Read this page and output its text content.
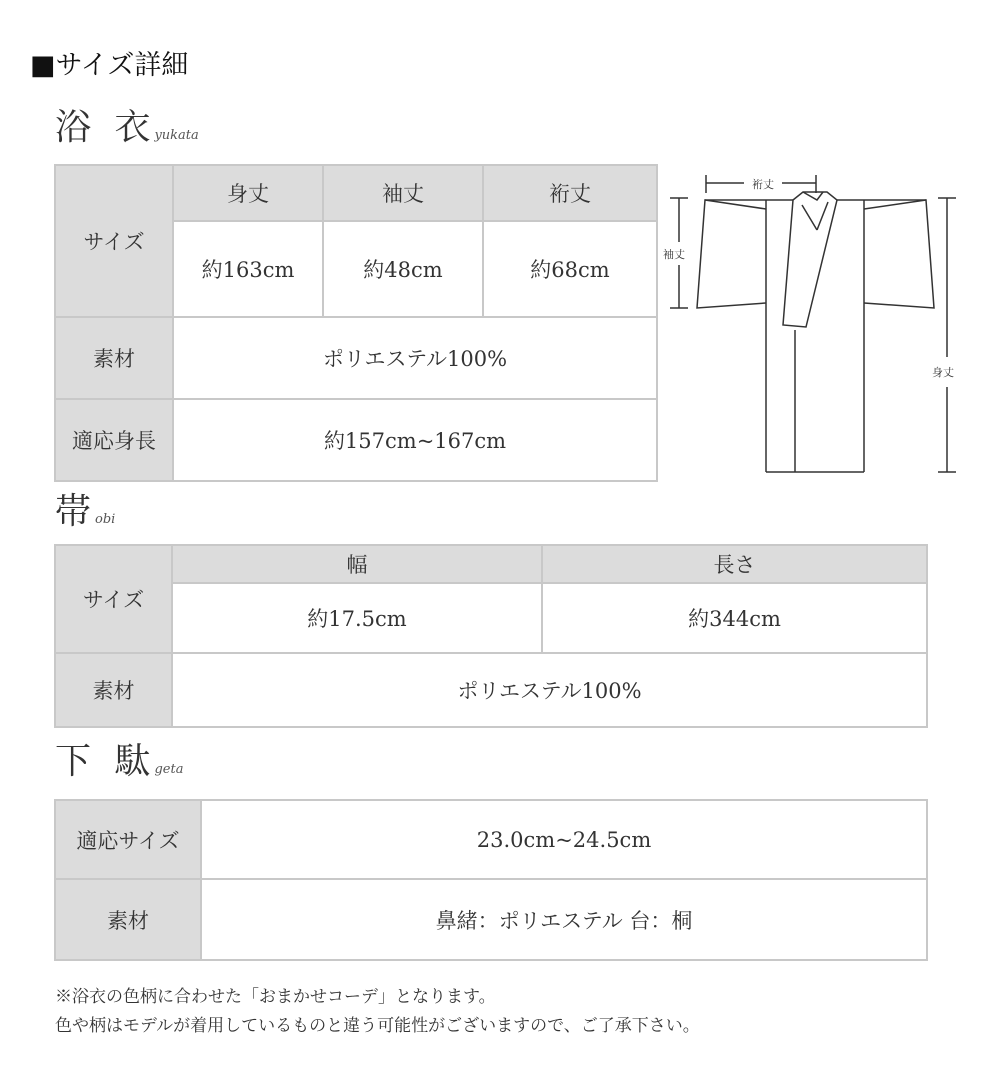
■サイズ詳細
浴 衣yukata
サイズ	身丈	袖丈	裄丈
	約163cm	約48cm	約68cm
素材	ポリエステル100%		
適応身長	約157cm~167cm		
裄丈
袖丈
身丈
帯obi
サイズ	幅	長さ
	約17.5cm	約344cm
素材	ポリエステル100%	
下 駄geta
適応サイズ	23.0cm~24.5cm
素材	鼻緒：ポリエステル 台：桐
※浴衣の色柄に合わせた「おまかせコーデ」となります。
色や柄はモデルが着用しているものと違う可能性がございますので、ご了承下さい。
